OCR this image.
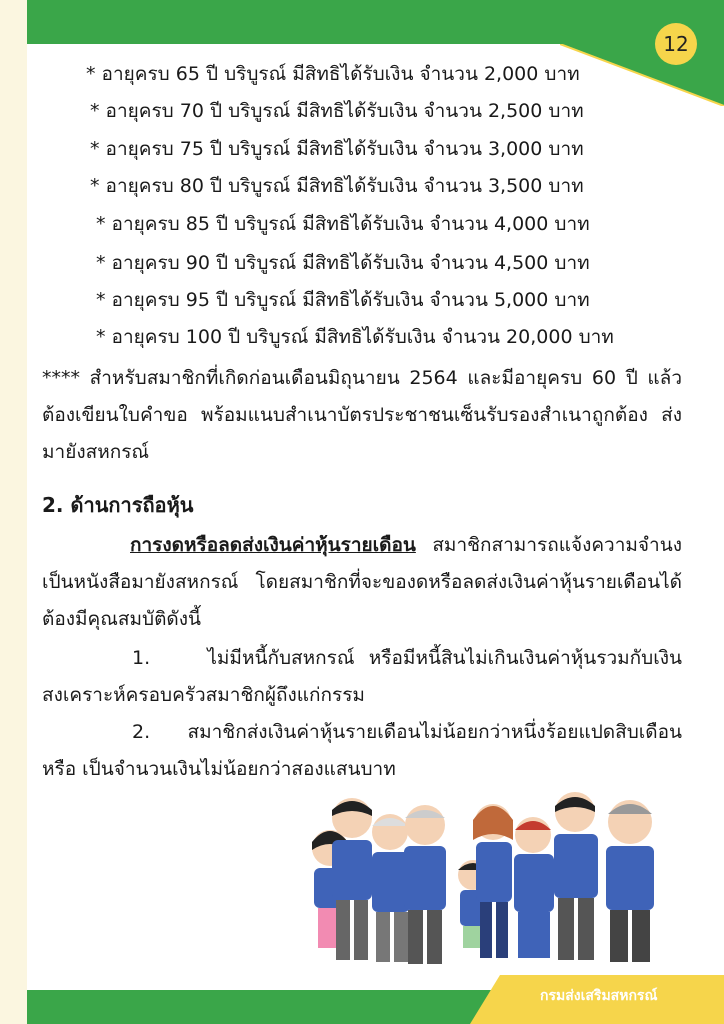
12
* อายุครบ 65 ปี บริบูรณ์ มีสิทธิได้รับเงิน จำนวน 2,000 บาท
* อายุครบ 70 ปี บริบูรณ์ มีสิทธิได้รับเงิน จำนวน 2,500 บาท
* อายุครบ 75 ปี บริบูรณ์ มีสิทธิได้รับเงิน จำนวน 3,000 บาท
* อายุครบ 80 ปี บริบูรณ์ มีสิทธิได้รับเงิน จำนวน 3,500 บาท
* อายุครบ 85 ปี บริบูรณ์ มีสิทธิได้รับเงิน จำนวน 4,000 บาท
* อายุครบ 90 ปี บริบูรณ์ มีสิทธิได้รับเงิน จำนวน 4,500 บาท
* อายุครบ 95 ปี บริบูรณ์ มีสิทธิได้รับเงิน จำนวน 5,000 บาท
* อายุครบ 100 ปี บริบูรณ์ มีสิทธิได้รับเงิน จำนวน 20,000 บาท
**** สำหรับสมาชิกที่เกิดก่อนเดือนมิถุนายน 2564 และมีอายุครบ 60 ปี แล้วต้องเขียนใบคำขอ พร้อมแนบสำเนาบัตรประชาชนเซ็นรับรองสำเนาถูกต้อง ส่งมายังสหกรณ์
2. ด้านการถือหุ้น
การงดหรือลดส่งเงินค่าหุ้นรายเดือน สมาชิกสามารถแจ้งความจำนงเป็นหนังสือมายังสหกรณ์ โดยสมาชิกที่จะของดหรือลดส่งเงินค่าหุ้นรายเดือนได้ต้องมีคุณสมบัติดังนี้
1.	ไม่มีหนี้กับสหกรณ์ หรือมีหนี้สินไม่เกินเงินค่าหุ้นรวมกับเงินสงเคราะห์ครอบครัวสมาชิกผู้ถึงแก่กรรม
2. สมาชิกส่งเงินค่าหุ้นรายเดือนไม่น้อยกว่าหนึ่งร้อยแปดสิบเดือน หรือ เป็นจำนวนเงินไม่น้อยกว่าสองแสนบาท
กรมส่งเสริมสหกรณ์
